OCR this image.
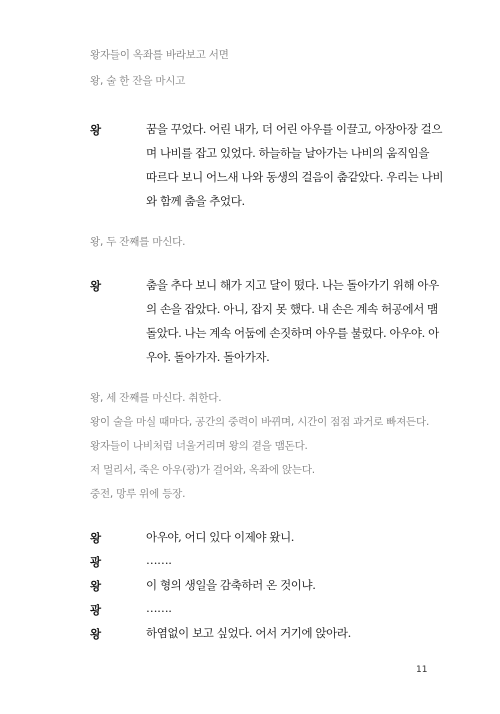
왕자들이 옥좌를 바라보고 서면
왕, 술 한 잔을 마시고
왕	꿈을 꾸었다. 어린 내가, 더 어린 아우를 이끌고, 아장아장 걸으
며 나비를 잡고 있었다. 하늘하늘 날아가는 나비의 움직임을
따르다 보니 어느새 나와 동생의 걸음이 춤같았다. 우리는 나비
와 함께 춤을 추었다.
왕, 두 잔째를 마신다.
왕	춤을 추다 보니 해가 지고 달이 떴다. 나는 돌아가기 위해 아우
의 손을 잡았다. 아니, 잡지 못 했다. 내 손은 계속 허공에서 맴
돌았다. 나는 계속 어둠에 손짓하며 아우를 불렀다. 아우야. 아
우야. 돌아가자. 돌아가자.
왕, 세 잔째를 마신다. 취한다.
왕이 술을 마실 때마다, 공간의 중력이 바뀌며, 시간이 점점 과거로 빠져든다.
왕자들이 나비처럼 너울거리며 왕의 곁을 맴돈다.
저 멀리서, 죽은 아우(광)가 걸어와, 옥좌에 앉는다.
중전, 망루 위에 등장.
왕	아우야, 어디 있다 이제야 왔니.
광	…….
왕	이 형의 생일을 감축하러 온 것이냐.
광	…….
왕	하염없이 보고 싶었다. 어서 거기에 앉아라.
11
